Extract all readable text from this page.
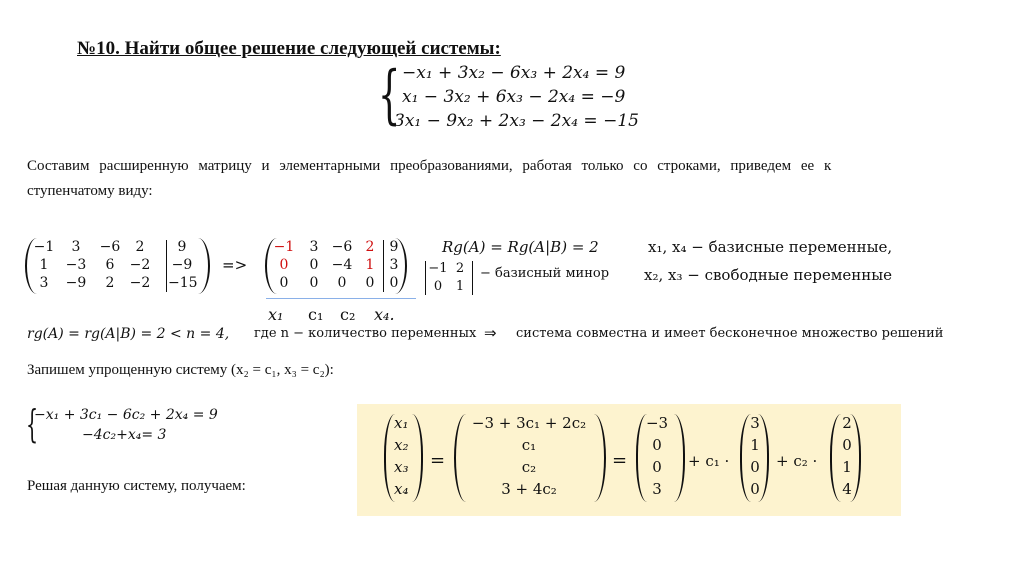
№10. Найти общее решение следующей системы:
{ −x₁ + 3x₂ − 6x₃ + 2x₄ = 9
x₁ − 3x₂ + 6x₃ − 2x₄ = −9
3x₁ − 9x₂ + 2x₃ − 2x₄ = −15
Составим расширенную матрицу и элементарными преобразованиями, работая только со строками, приведем ее к
ступенчатому виду:
−1	3	−6	2	9
1	−3	6	−2 −9
3	−9	2	−2 −15
=>
−1	3 −6 2	9
0	0 −4 1	3
0	0	0	0	0
x₁ c₁ c₂ x₄.
Rg(A) = Rg(A|B) = 2
−1 2
0	1
− базисный минор
x₁, x₄ − базисные переменные,
x₂, x₃ − свободные переменные
rg(A) = rg(A|B) = 2 < n = 4, где n − количество переменных ⇒ система совместна и имеет бесконечное множество решений
Запишем упрощенную систему (x₂ = c₁, x₃ = c₂):
{
−x₁ + 3c₁ − 6c₂ + 2x₄ = 9
−4c₂+x₄= 3
Решая данную систему, получаем:
x₁
x₂
x₃
x₄
=
−3 + 3c₁ + 2c₂
c₁
c₂
3 + 4c₂
=
−3
0
0
3
+ c₁ ·
3
1
0
0
+ c₂ ·
2
0
1
4
